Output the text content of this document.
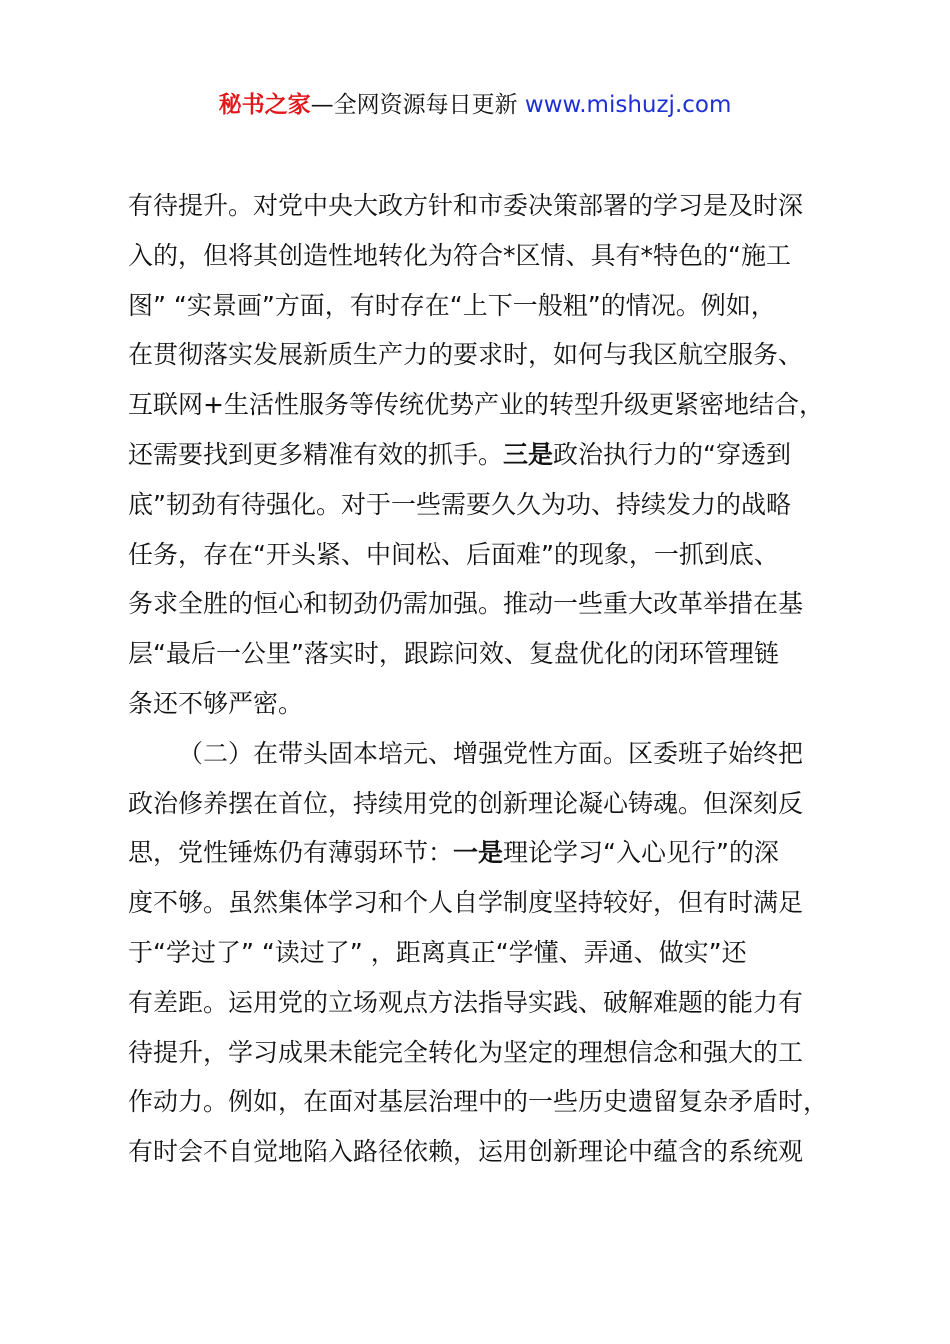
秘书之家—全网资源每日更新 www.mishuzj.com
有待提升。对党中央大政方针和市委决策部署的学习是及时深
入的，但将其创造性地转化为符合*区情、具有*特色的“施工
图” “实景画”方面，有时存在“上下一般粗”的情况。例如，
在贯彻落实发展新质生产力的要求时，如何与我区航空服务、
互联网+生活性服务等传统优势产业的转型升级更紧密地结合，
还需要找到更多精准有效的抓手。三是政治执行力的“穿透到
底”韧劲有待强化。对于一些需要久久为功、持续发力的战略
任务，存在“开头紧、中间松、后面难”的现象，一抓到底、
务求全胜的恒心和韧劲仍需加强。推动一些重大改革举措在基
层“最后一公里”落实时，跟踪问效、复盘优化的闭环管理链
条还不够严密。
（二）在带头固本培元、增强党性方面。区委班子始终把
政治修养摆在首位，持续用党的创新理论凝心铸魂。但深刻反
思，党性锤炼仍有薄弱环节：一是理论学习“入心见行”的深
度不够。虽然集体学习和个人自学制度坚持较好，但有时满足
于“学过了” “读过了” ，距离真正“学懂、弄通、做实”还
有差距。运用党的立场观点方法指导实践、破解难题的能力有
待提升，学习成果未能完全转化为坚定的理想信念和强大的工
作动力。例如，在面对基层治理中的一些历史遗留复杂矛盾时，
有时会不自觉地陷入路径依赖，运用创新理论中蕴含的系统观
